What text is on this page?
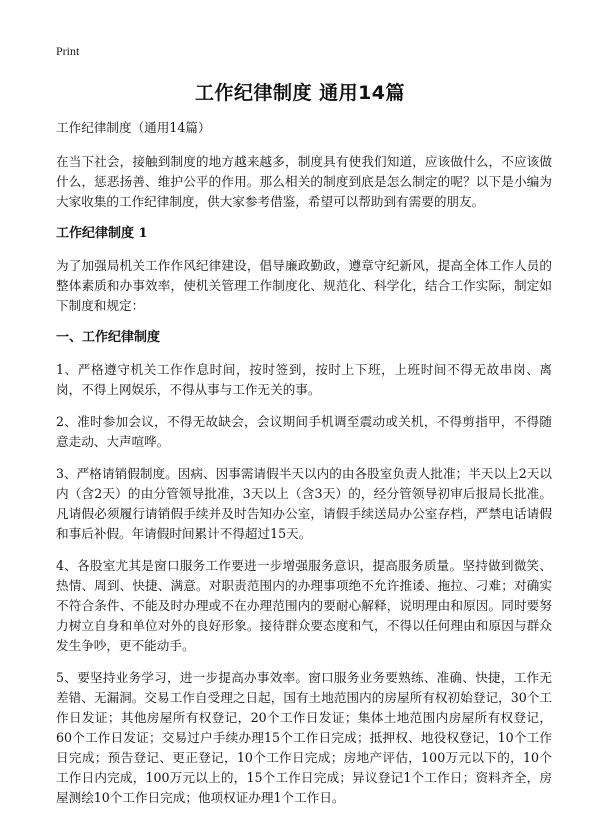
Print
工作纪律制度 通用14篇

工作纪律制度（通用14篇）

在当下社会，接触到制度的地方越来越多，制度具有使我们知道，应该做什么，不应该做什么，惩恶扬善、维护公平的作用。那么相关的制度到底是怎么制定的呢？以下是小编为大家收集的工作纪律制度，供大家参考借鉴，希望可以帮助到有需要的朋友。

工作纪律制度 1

为了加强局机关工作作风纪律建设，倡导廉政勤政，遵章守纪新风，提高全体工作人员的整体素质和办事效率，使机关管理工作制度化、规范化、科学化，结合工作实际，制定如下制度和规定：

一、工作纪律制度

1、严格遵守机关工作作息时间，按时签到，按时上下班，上班时间不得无故串岗、离岗，不得上网娱乐，不得从事与工作无关的事。

2、准时参加会议，不得无故缺会，会议期间手机调至震动或关机，不得剪指甲，不得随意走动、大声喧哗。

3、严格请销假制度。因病、因事需请假半天以内的由各股室负责人批准；半天以上2天以内（含2天）的由分管领导批准，3天以上（含3天）的，经分管领导初审后报局长批准。凡请假必须履行请销假手续并及时告知办公室，请假手续送局办公室存档，严禁电话请假和事后补假。年请假时间累计不得超过15天。

4、各股室尤其是窗口服务工作要进一步增强服务意识，提高服务质量。坚持做到微笑、热情、周到、快捷、满意。对职责范围内的办理事项绝不允许推诿、拖拉、刁难；对确实不符合条件、不能及时办理或不在办理范围内的要耐心解释，说明理由和原因。同时要努力树立自身和单位对外的良好形象。接待群众要态度和气，不得以任何理由和原因与群众发生争吵，更不能动手。

5、要坚持业务学习，进一步提高办事效率。窗口服务业务要熟练、准确、快捷，工作无差错、无漏洞。交易工作自受理之日起，国有土地范围内的房屋所有权初始登记，30个工作日发证；其他房屋所有权登记，20个工作日发证；集体土地范围内房屋所有权登记，60个工作日发证；交易过户手续办理15个工作日完成；抵押权、地役权登记，10个工作日完成；预告登记、更正登记，10个工作日完成；房地产评估，100万元以下的，10个工作日内完成，100万元以上的，15个工作日完成；异议登记1个工作日；资料齐全，房屋测绘10个工作日完成；他项权证办理1个工作日。
